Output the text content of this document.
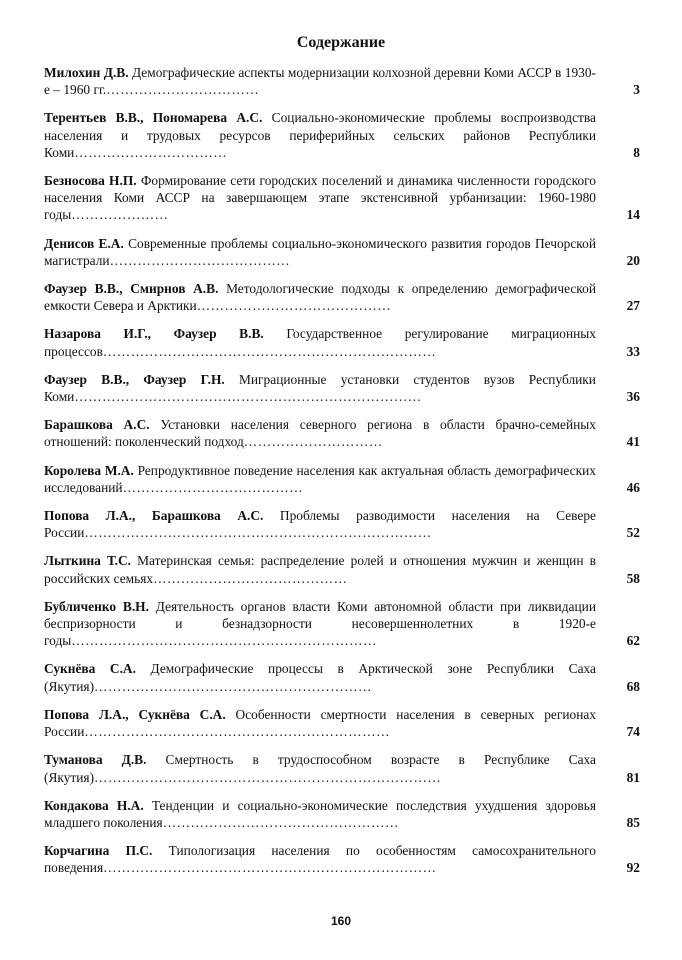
Содержание
Милохин Д.В. Демографические аспекты модернизации колхозной деревни Коми АССР в 1930-е – 1960 гг.……………………………	3
Терентьев В.В., Пономарева А.С. Социально-экономические проблемы воспроизводства населения и трудовых ресурсов периферийных сельских районов Республики Коми……………………………	8
Безносова Н.П. Формирование сети городских поселений и динамика численности городского населения Коми АССР на завершающем этапе экстенсивной урбанизации: 1960-1980 годы…………………	14
Денисов Е.А. Современные проблемы социально-экономического развития городов Печорской магистрали…………………………………	20
Фаузер В.В., Смирнов А.В. Методологические подходы к определению демографической емкости Севера и Арктики……………………………………	27
Назарова И.Г., Фаузер В.В. Государственное регулирование миграционных процессов………………………………………………………………	33
Фаузер В.В., Фаузер Г.Н. Миграционные установки студентов вузов Республики Коми…………………………………………………………………	36
Барашкова А.С. Установки населения северного региона в области брачно-семейных отношений: поколенческий подход…………………………	41
Королева М.А. Репродуктивное поведение населения как актуальная область демографических исследований…………………………………	46
Попова Л.А., Барашкова А.С. Проблемы разводимости населения на Севере России…………………………………………………………………	52
Лыткина Т.С. Материнская семья: распределение ролей и отношения мужчин и женщин в российских семьях……………………………………	58
Бубличенко В.Н. Деятельность органов власти Коми автономной области при ликвидации беспризорности и безнадзорности несовершеннолетних в 1920-е годы…………………………………………………………	62
Сукнёва С.А. Демографические процессы в Арктической зоне Республики Саха (Якутия)……………………………………………………	68
Попова Л.А., Сукнёва С.А. Особенности смертности населения в северных регионах России…………………………………………………………	74
Туманова Д.В. Смертность в трудоспособном возрасте в Республике Саха (Якутия)…………………………………………………………………	81
Кондакова Н.А. Тенденции и социально-экономические последствия ухудшения здоровья младшего поколения……………………………………………	85
Корчагина П.С. Типологизация населения по особенностям самосохранительного поведения………………………………………………………………	92
160
